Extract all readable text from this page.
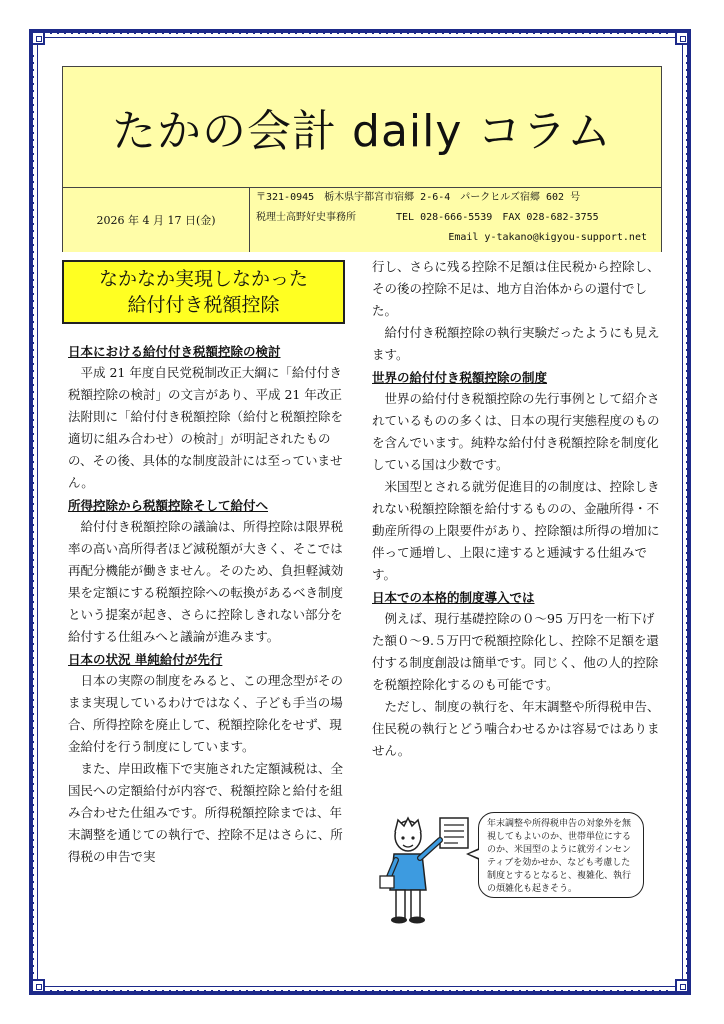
たかの会計 daily コラム
2026 年 4 月 17 日(金)
〒321-0945　栃木県宇都宮市宿郷 2-6-4　パークヒルズ宿郷 602 号
税理士高野好史事務所　　　　TEL 028-666-5539　FAX 028-682-3755
Email y-takano@kigyou-support.net
なかなか実現しなかった
給付付き税額控除
日本における給付付き税額控除の検討

平成 21 年度自民党税制改正大綱に「給付付き税額控除の検討」の文言があり、平成 21 年改正法附則に「給付付き税額控除（給付と税額控除を適切に組み合わせ）の検討」が明記されたものの、その後、具体的な制度設計には至っていません。

所得控除から税額控除そして給付へ

給付付き税額控除の議論は、所得控除は限界税率の高い高所得者ほど減税額が大きく、そこでは再配分機能が働きません。そのため、負担軽減効果を定額にする税額控除への転換があるべき制度という提案が起き、さらに控除しきれない部分を給付する仕組みへと議論が進みます。

日本の状況 単純給付が先行

日本の実際の制度をみると、この理念型がそのまま実現しているわけではなく、子ども手当の場合、所得控除を廃止して、税額控除化をせず、現金給付を行う制度にしています。

また、岸田政権下で実施された定額減税は、全国民への定額給付が内容で、税額控除と給付を組み合わせた仕組みです。所得税額控除までは、年末調整を通じての執行で、控除不足はさらに、所得税の申告で実

行し、さらに残る控除不足額は住民税から控除し、その後の控除不足は、地方自治体からの還付でした。

給付付き税額控除の執行実験だったようにも見えます。

世界の給付付き税額控除の制度

世界の給付付き税額控除の先行事例として紹介されているものの多くは、日本の現行実態程度のものを含んでいます。純粋な給付付き税額控除を制度化している国は少数です。

米国型とされる就労促進目的の制度は、控除しきれない税額控除額を給付するものの、金融所得・不動産所得の上限要件があり、控除額は所得の増加に伴って逓増し、上限に達すると逓減する仕組みです。

日本での本格的制度導入では

例えば、現行基礎控除の０～95 万円を一桁下げた額０～9.５万円で税額控除化し、控除不足額を還付する制度創設は簡単です。同じく、他の人的控除を税額控除化するのも可能です。

ただし、制度の執行を、年末調整や所得税申告、住民税の執行とどう噛合わせるかは容易ではありません。

年末調整や所得税申告の対象外を無視してもよいのか、世帯単位にするのか、米国型のように就労インセンティブを効かせか、なども考慮した制度とするとなると、複雑化、執行の煩雑化も起きそう。
